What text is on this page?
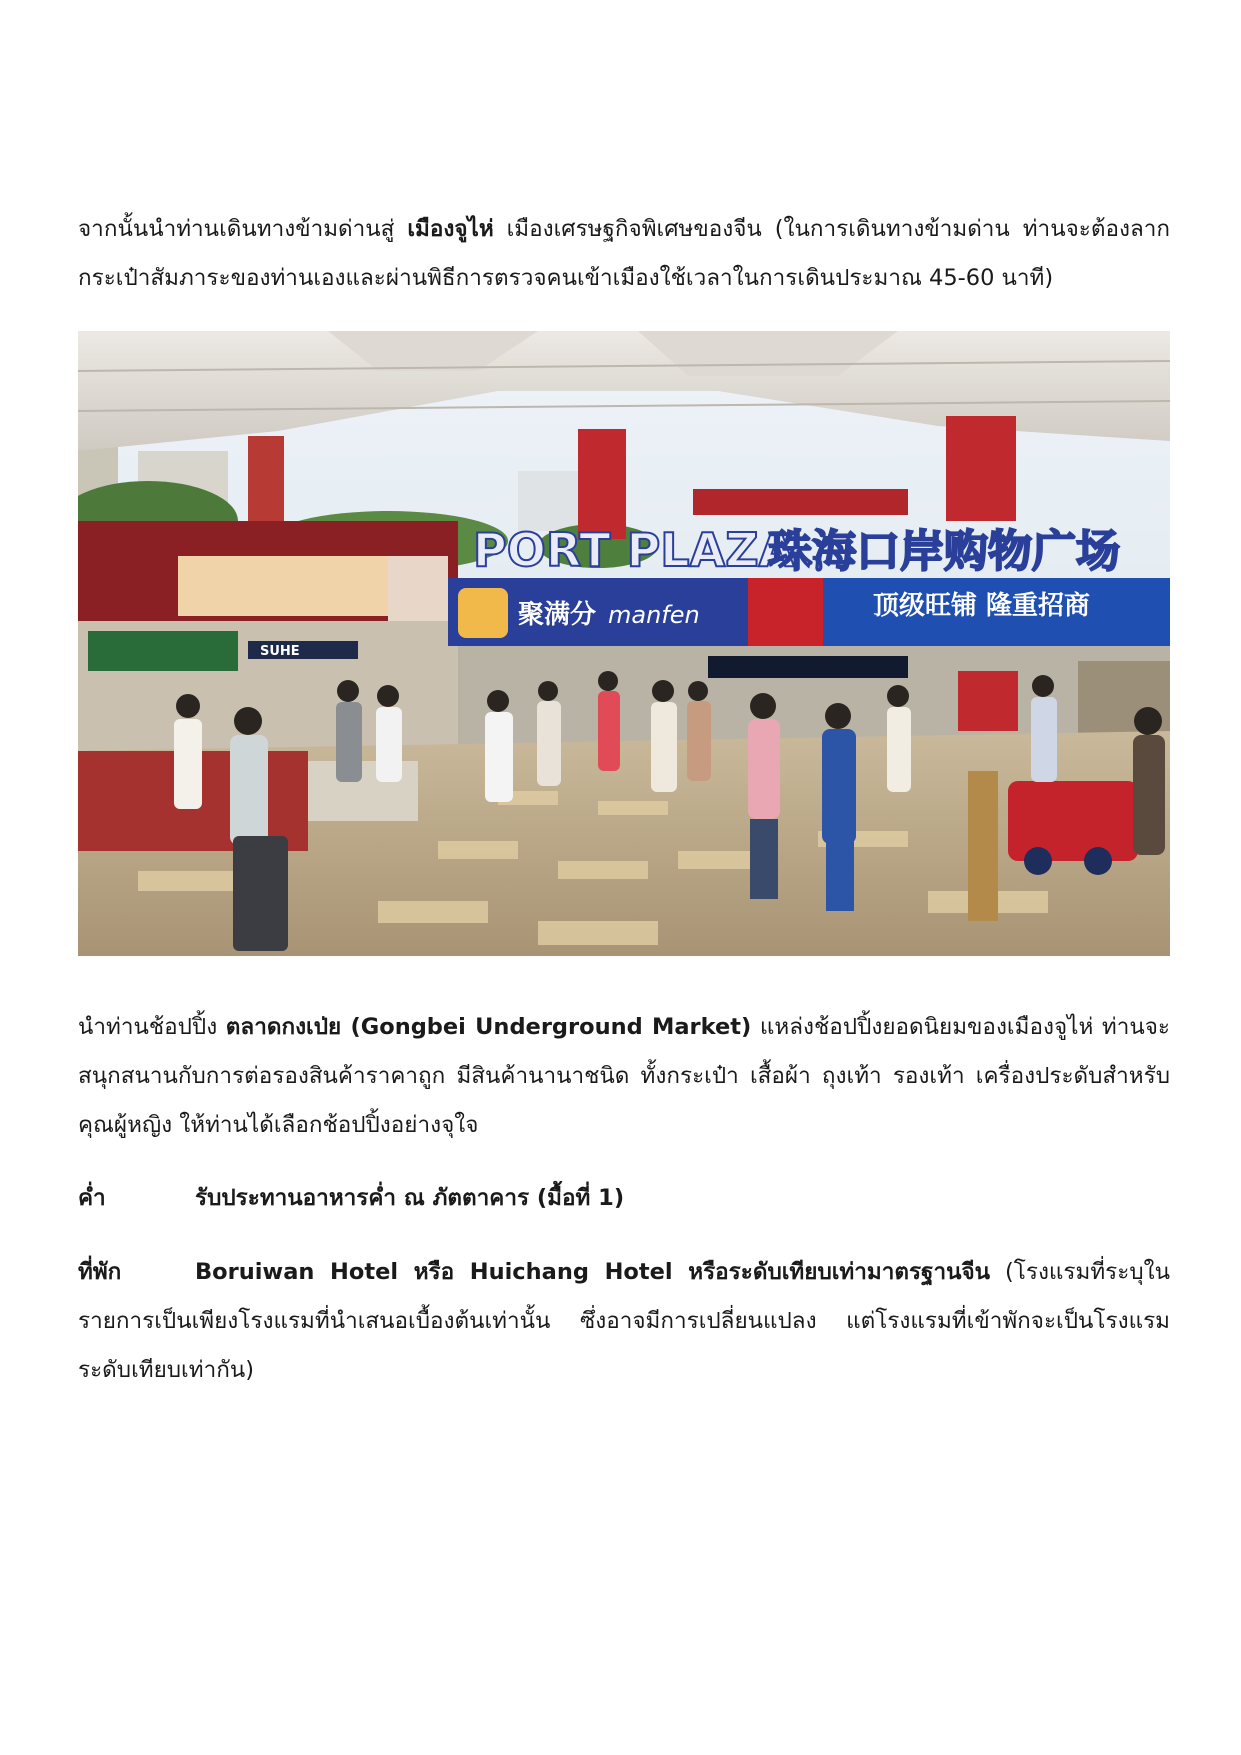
จากนั้นนำท่านเดินทางข้ามด่านสู่ เมืองจูไห่ เมืองเศรษฐกิจพิเศษของจีน (ในการเดินทางข้ามด่าน ท่านจะต้องลากกระเป๋าสัมภาระของท่านเองและผ่านพิธีการตรวจคนเข้าเมืองใช้เวลาในการเดินประมาณ 45-60 นาที)

PORT PLAZA
珠海口岸购物广场
SUHE
聚满分 manfen	顶级旺铺 隆重招商

นำท่านช้อปปิ้ง ตลาดกงเป่ย (Gongbei Underground Market) แหล่งช้อปปิ้งยอดนิยมของเมืองจูไห่ ท่านจะสนุกสนานกับการต่อรองสินค้าราคาถูก มีสินค้านานาชนิด ทั้งกระเป๋า เสื้อผ้า ถุงเท้า รองเท้า เครื่องประดับสำหรับคุณผู้หญิง ให้ท่านได้เลือกช้อปปิ้งอย่างจุใจ

ค่ำ	รับประทานอาหารค่ำ ณ ภัตตาคาร (มื้อที่ 1)
ที่พัก	Boruiwan Hotel หรือ Huichang Hotel หรือระดับเทียบเท่ามาตรฐานจีน (โรงแรมที่ระบุในรายการเป็นเพียงโรงแรมที่นำเสนอเบื้องต้นเท่านั้น ซึ่งอาจมีการเปลี่ยนแปลง แต่โรงแรมที่เข้าพักจะเป็นโรงแรมระดับเทียบเท่ากัน)
